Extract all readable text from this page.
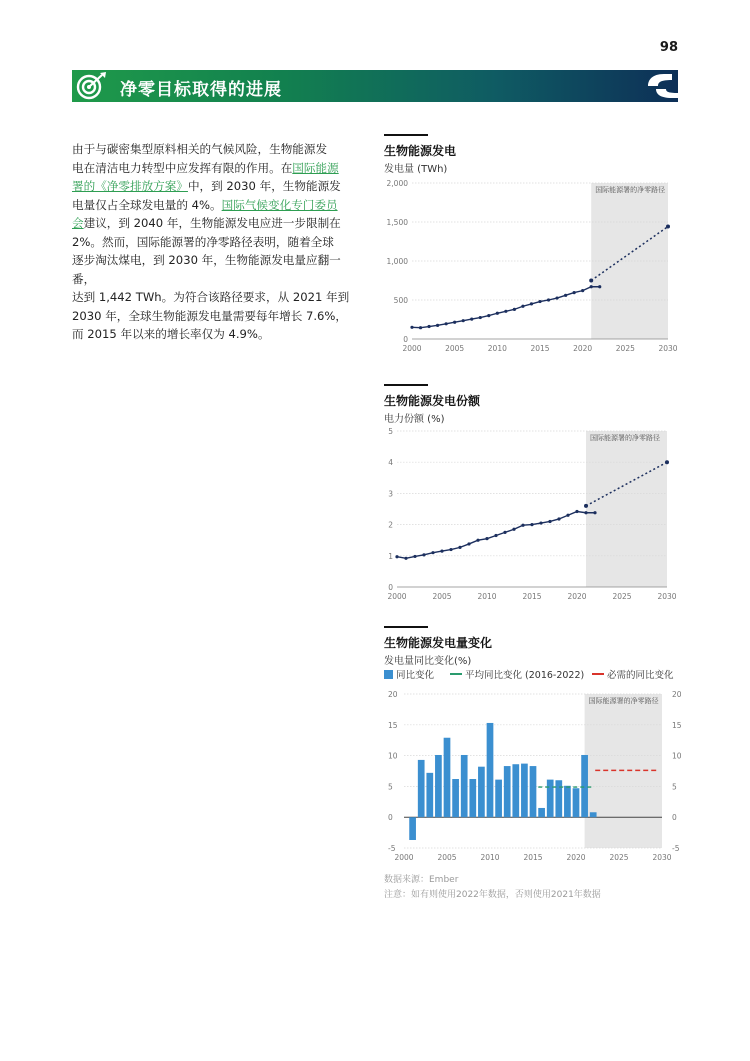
98
净零目标取得的进展
由于与碳密集型原料相关的气候风险，生物能源发
电在清洁电力转型中应发挥有限的作用。在国际能源
署的《净零排放方案》中，到 2030 年，生物能源发
电量仅占全球发电量的 4%。国际气候变化专门委员
会建议，到 2040 年，生物能源发电应进一步限制在
2%。然而，国际能源署的净零路径表明，随着全球
逐步淘汰煤电，到 2030 年，生物能源发电量应翻一番，
达到 1,442 TWh。为符合该路径要求，从 2021 年到
2030 年，全球生物能源发电量需要每年增长 7.6%，
而 2015 年以来的增长率仅为 4.9%。
生物能源发电
发电量 (TWh)
国际能源署的净零路径
0
500
1,000
1,500
2,000
2000	2005	2010	2015	2020	2025	2030
生物能源发电份额
电力份额 (%)
国际能源署的净零路径
0
1
2
3
4
5
2000	2005	2010	2015	2020	2025	2030
生物能源发电量变化
发电量同比变化(%)
同比变化	平均同比变化 (2016-2022)	必需的同比变化
国际能源署的净零路径
-5	-5
0	0
5	5
10	10
15	15
20	20
2000	2005	2010	2015	2020	2025	2030
数据来源：Ember
注意：如有则使用2022年数据，否则使用2021年数据
